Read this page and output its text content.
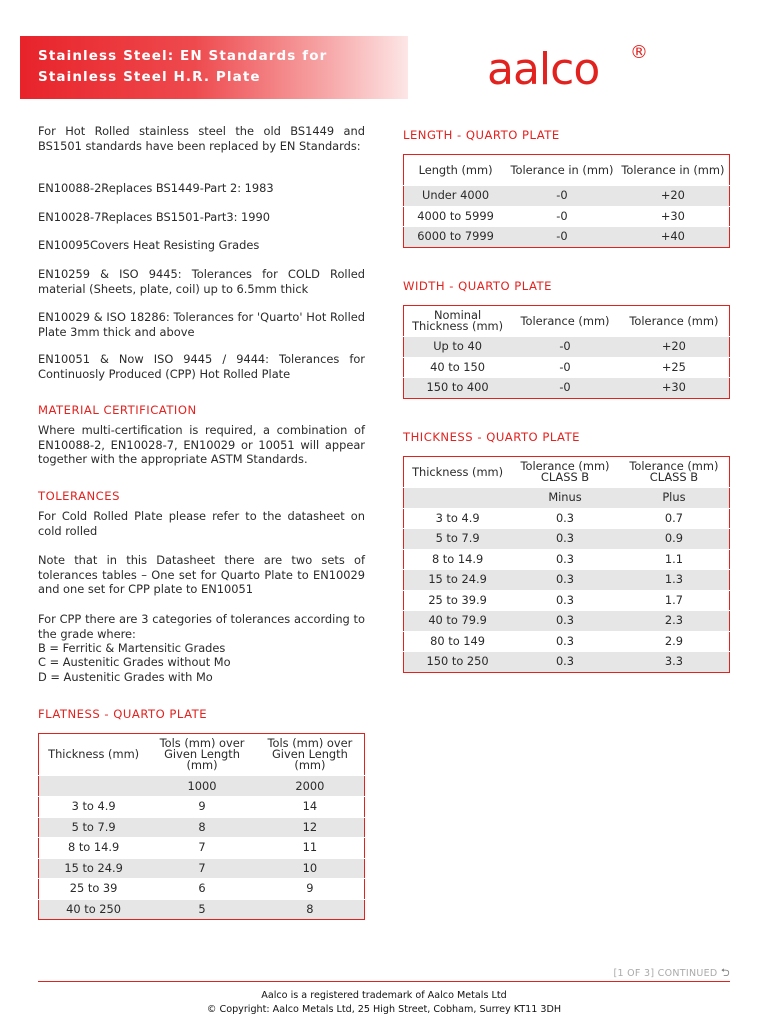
Stainless Steel: EN Standards for
Stainless Steel H.R. Plate	aalco ®
For Hot Rolled stainless steel the old BS1449 and BS1501 standards have been replaced by EN Standards:
EN10088-2Replaces BS1449-Part 2: 1983
EN10028-7Replaces BS1501-Part3: 1990
EN10095Covers Heat Resisting Grades
EN10259 & ISO 9445: Tolerances for COLD Rolled material (Sheets, plate, coil) up to 6.5mm thick
EN10029 & ISO 18286: Tolerances for 'Quarto' Hot Rolled Plate 3mm thick and above
EN10051 & Now ISO 9445 / 9444: Tolerances for Continuosly Produced (CPP) Hot Rolled Plate
MATERIAL CERTIFICATION
Where multi-certification is required, a combination of EN10088-2, EN10028-7, EN10029 or 10051 will appear together with the appropriate ASTM Standards.
TOLERANCES
For Cold Rolled Plate please refer to the datasheet on cold rolled
Note that in this Datasheet there are two sets of tolerances tables – One set for Quarto Plate to EN10029 and one set for CPP plate to EN10051
For CPP there are 3 categories of tolerances according to the grade where:
B = Ferritic & Martensitic Grades
C = Austenitic Grades without Mo
D = Austenitic Grades with Mo
FLATNESS - QUARTO PLATE
Thickness (mm)	Tols (mm) over Given Length (mm)	Tols (mm) over Given Length (mm)
	1000	2000
3 to 4.9	9	14
5 to 7.9	8	12
8 to 14.9	7	11
15 to 24.9	7	10
25 to 39	6	9
40 to 250	5	8
LENGTH - QUARTO PLATE
Length (mm)	Tolerance in (mm)	Tolerance in (mm)
Under 4000	-0	+20
4000 to 5999	-0	+30
6000 to 7999	-0	+40
WIDTH - QUARTO PLATE
Nominal Thickness (mm)	Tolerance (mm)	Tolerance (mm)
Up to 40	-0	+20
40 to 150	-0	+25
150 to 400	-0	+30
THICKNESS - QUARTO PLATE
Thickness (mm)	Tolerance (mm) CLASS B	Tolerance (mm) CLASS B
	Minus	Plus
3 to 4.9	0.3	0.7
5 to 7.9	0.3	0.9
8 to 14.9	0.3	1.1
15 to 24.9	0.3	1.3
25 to 39.9	0.3	1.7
40 to 79.9	0.3	2.3
80 to 149	0.3	2.9
150 to 250	0.3	3.3
[1 OF 3] CONTINUED ⮌
Aalco is a registered trademark of Aalco Metals Ltd
© Copyright: Aalco Metals Ltd, 25 High Street, Cobham, Surrey KT11 3DH
